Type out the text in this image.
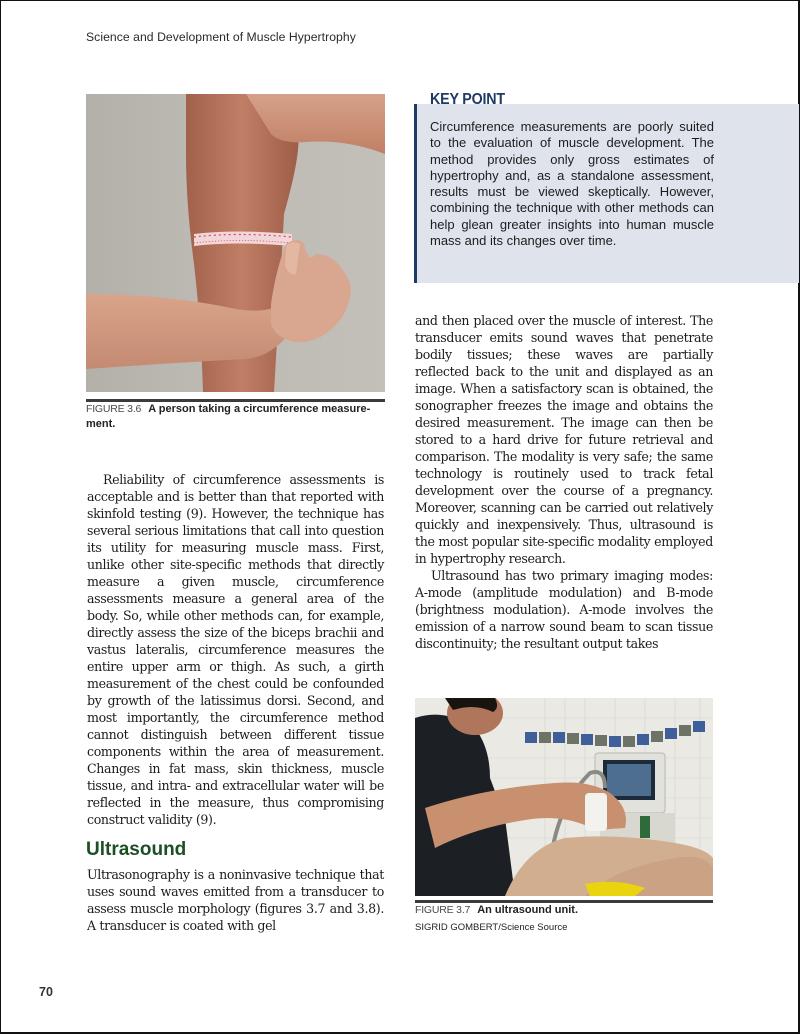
Science and Development of Muscle Hypertrophy
FIGURE 3.6 A person taking a circumference measure-ment.
KEY POINT
Circumference measurements are poorly suited to the evaluation of muscle development. The method provides only gross estimates of hypertrophy and, as a standalone assessment, results must be viewed skeptically. However, combining the technique with other methods can help glean greater insights into human muscle mass and its changes over time.

Reliability of circumference assessments is acceptable and is better than that reported with skinfold testing (9). However, the technique has several serious limitations that call into question its utility for measuring muscle mass. First, unlike other site-specific methods that directly measure a given muscle, circumference assessments measure a general area of the body. So, while other methods can, for example, directly assess the size of the biceps brachii and vastus lateralis, circumference measures the entire upper arm or thigh. As such, a girth measurement of the chest could be confounded by growth of the latissimus dorsi. Second, and most importantly, the circumference method cannot distinguish between different tissue components within the area of measurement. Changes in fat mass, skin thickness, muscle tissue, and intra- and extracellular water will be reflected in the measure, thus compromising construct validity (9).

Ultrasound

Ultrasonography is a noninvasive technique that uses sound waves emitted from a transducer to assess muscle morphology (figures 3.7 and 3.8). A transducer is coated with gel

and then placed over the muscle of interest. The transducer emits sound waves that penetrate bodily tissues; these waves are partially reflected back to the unit and displayed as an image. When a satisfactory scan is obtained, the sonographer freezes the image and obtains the desired measurement. The image can then be stored to a hard drive for future retrieval and comparison. The modality is very safe; the same technology is routinely used to track fetal development over the course of a pregnancy. Moreover, scanning can be carried out relatively quickly and inexpensively. Thus, ultrasound is the most popular site-specific modality employed in hypertrophy research.

Ultrasound has two primary imaging modes: A-mode (amplitude modulation) and B-mode (brightness modulation). A-mode involves the emission of a narrow sound beam to scan tissue discontinuity; the resultant output takes

FIGURE 3.7 An ultrasound unit.
SIGRID GOMBERT/Science Source
70
